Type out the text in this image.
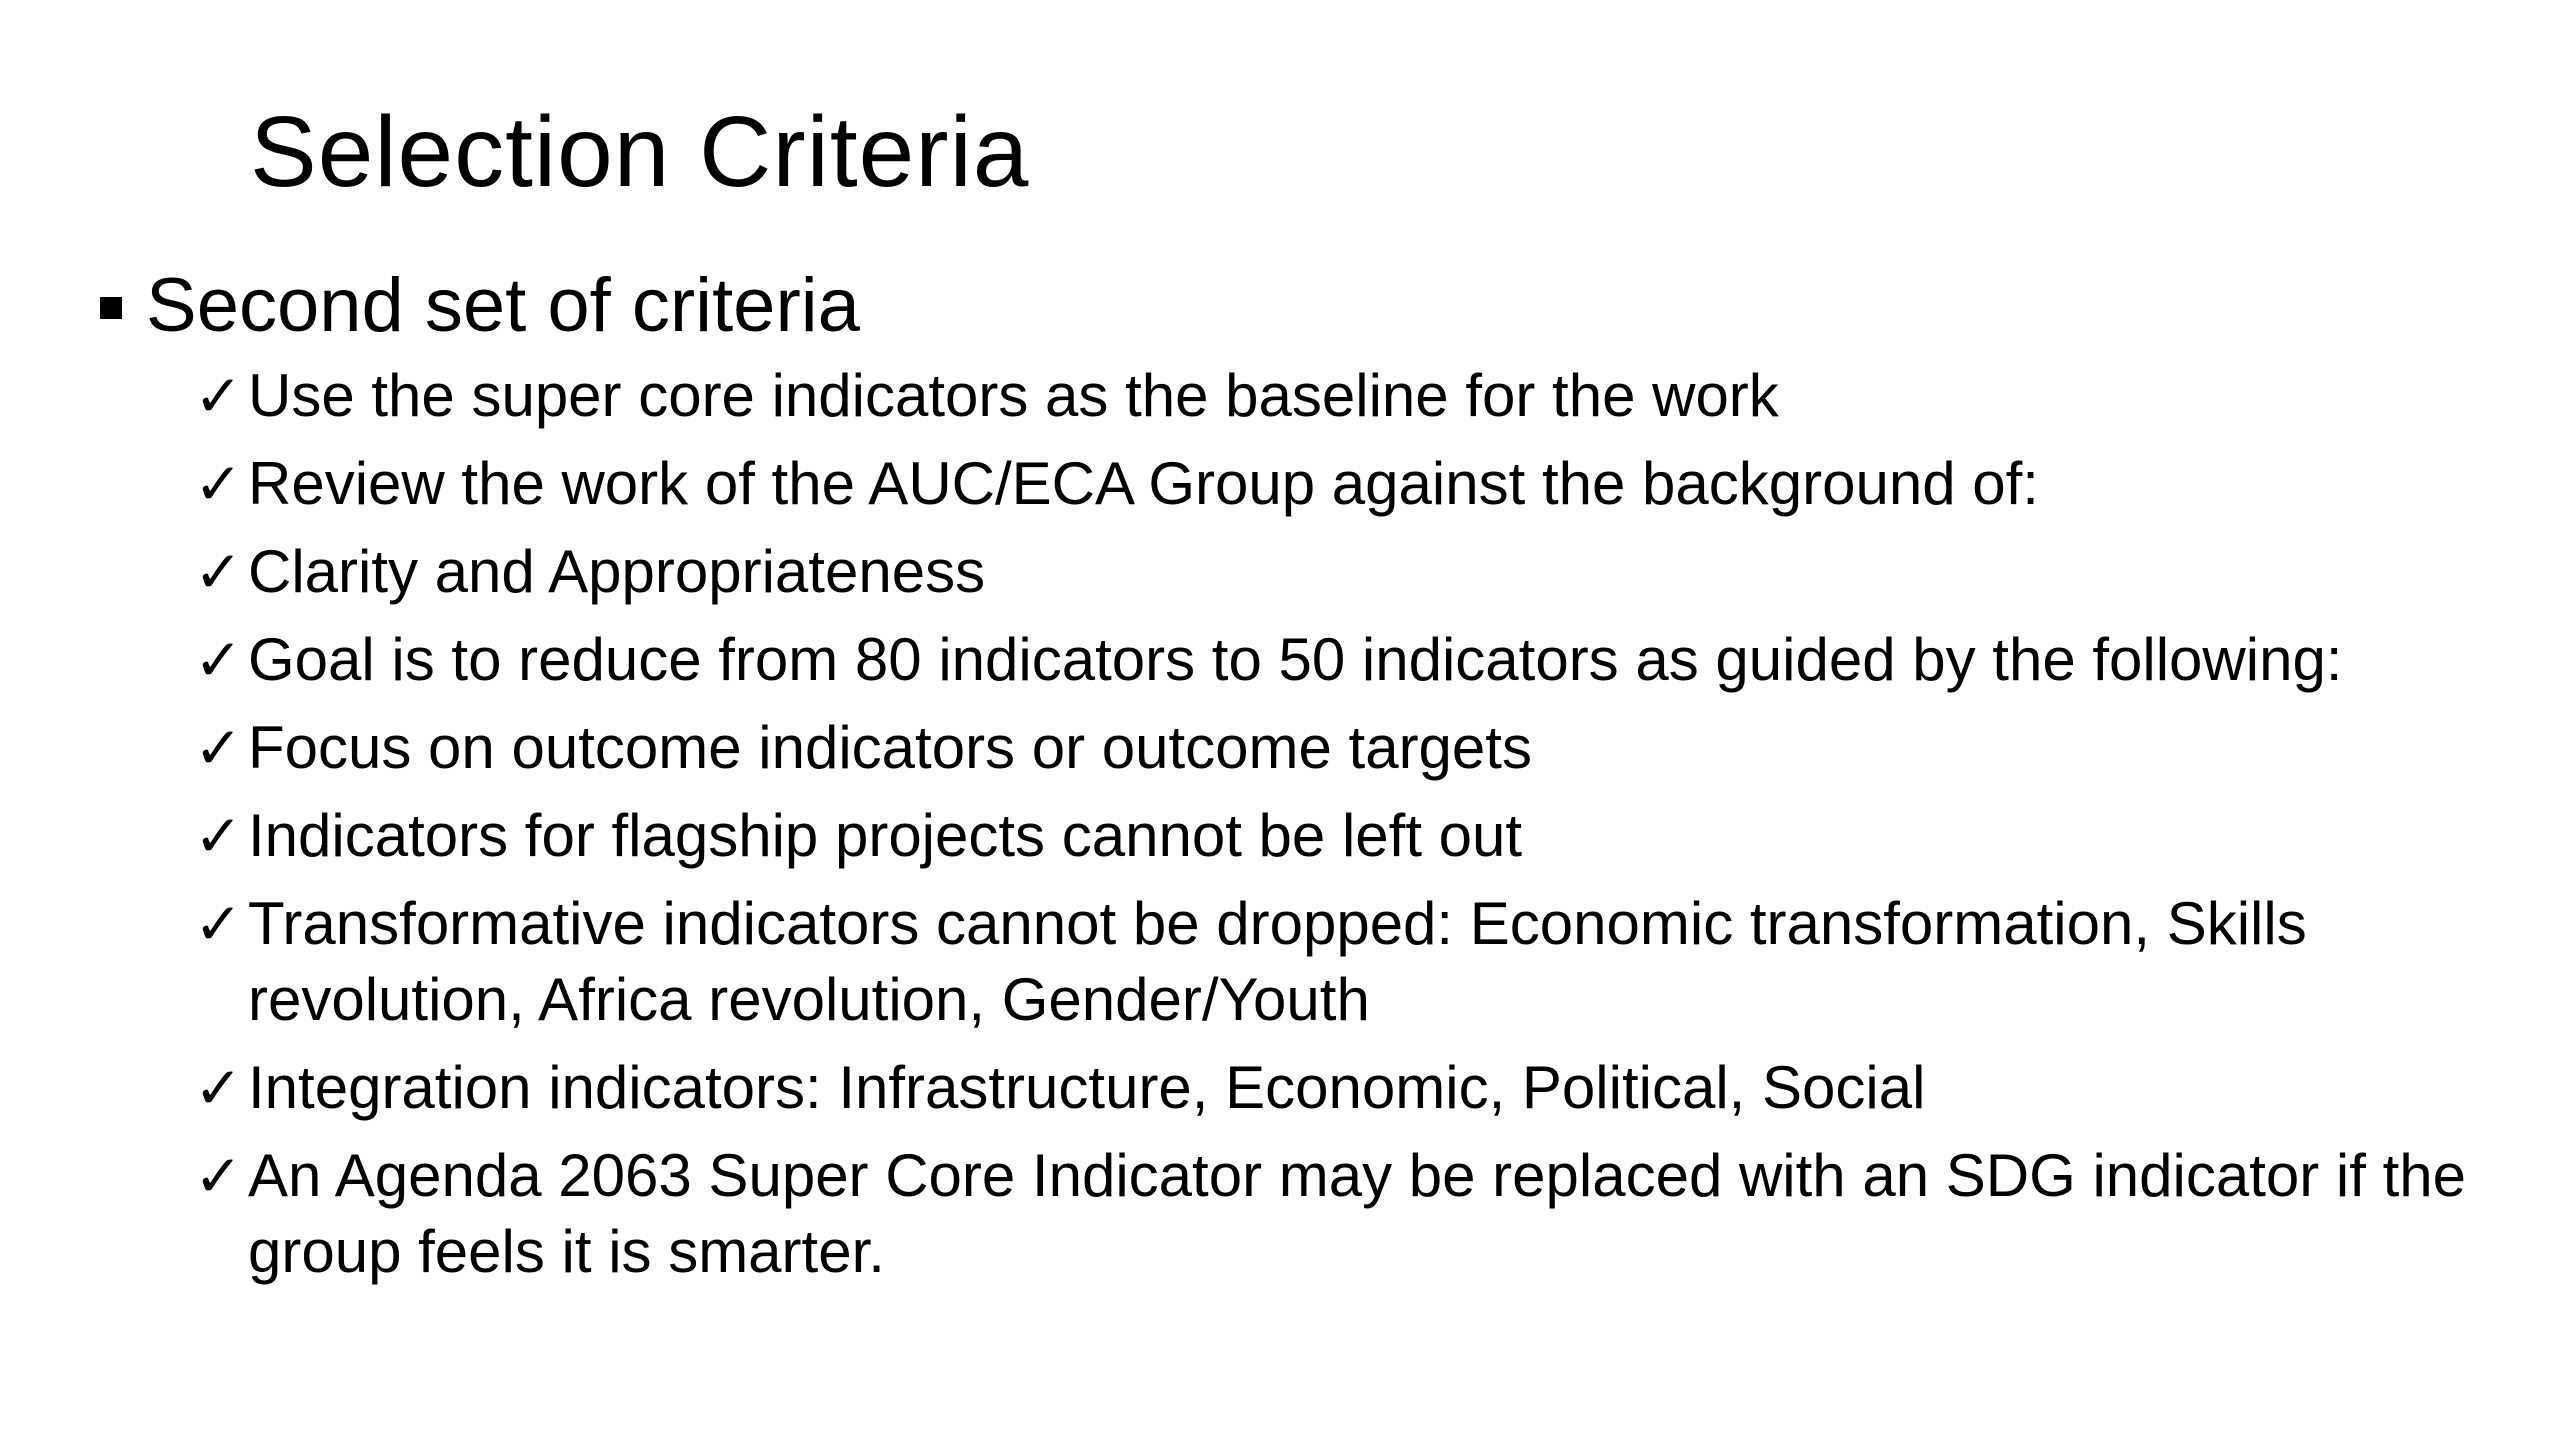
Selection Criteria
Second set of criteria
✓ Use the super core indicators as the baseline for the work
✓ Review the work of the AUC/ECA Group against the background of:
✓ Clarity and Appropriateness
✓ Goal is to reduce from 80 indicators to 50 indicators as guided by the following:
✓ Focus on outcome indicators or outcome targets
✓ Indicators for flagship projects cannot be left out
✓ Transformative indicators cannot be dropped: Economic transformation, Skills revolution, Africa revolution, Gender/Youth
✓ Integration indicators: Infrastructure, Economic, Political, Social
✓ An Agenda 2063 Super Core Indicator may be replaced with an SDG indicator if the group feels it is smarter.
